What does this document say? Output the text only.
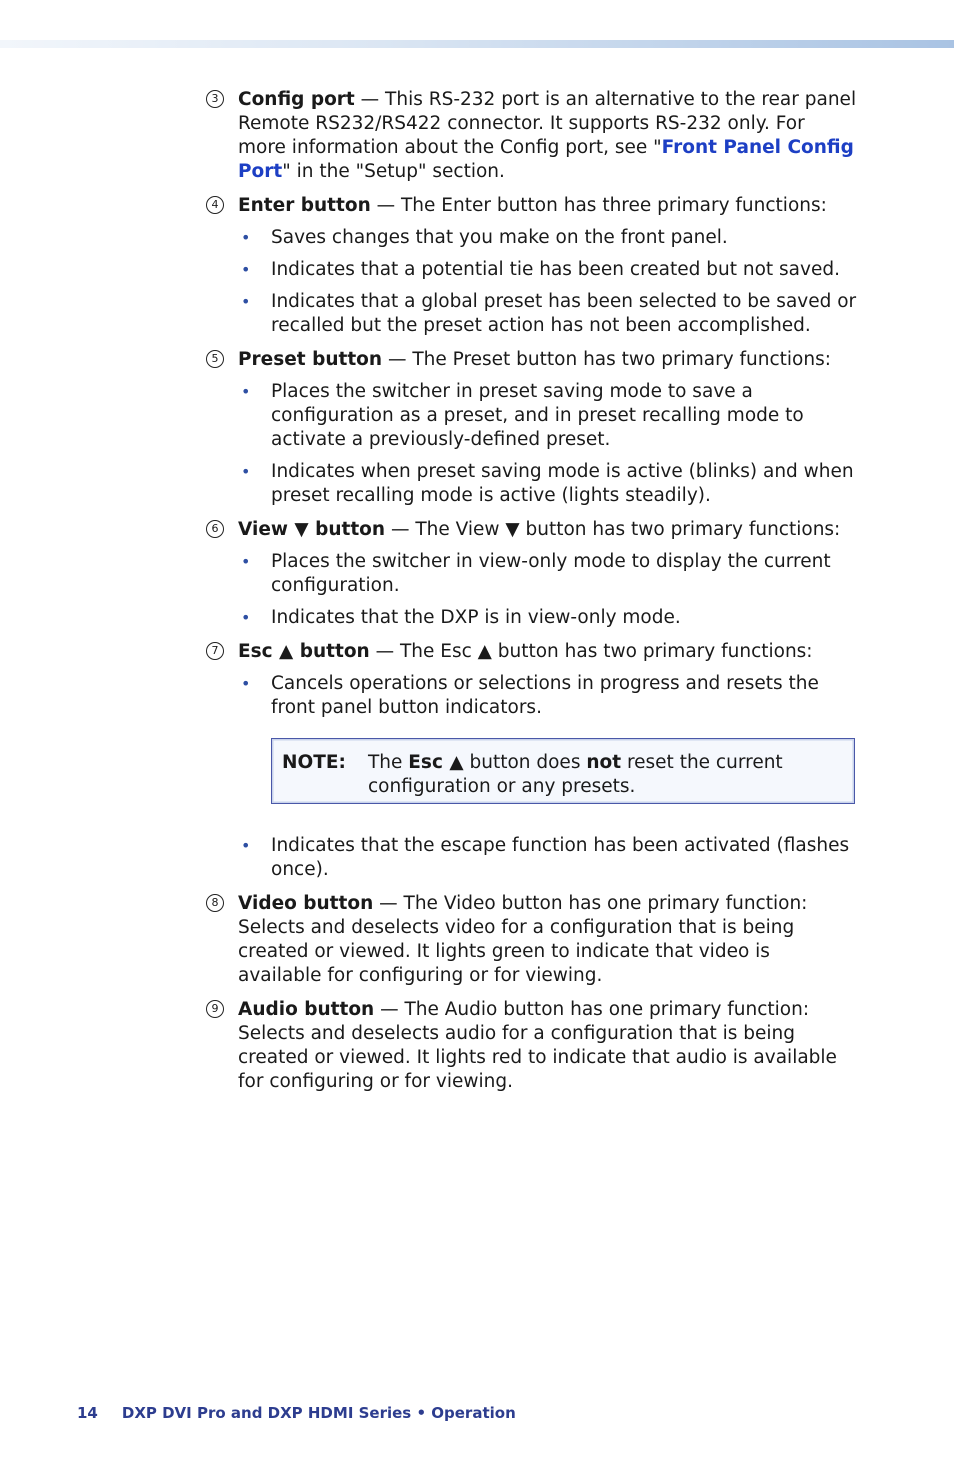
3 Config port — This RS-232 port is an alternative to the rear panel Remote RS232/RS422 connector. It supports RS-232 only. For more information about the Config port, see "Front Panel Config Port" in the "Setup" section.

4 Enter button — The Enter button has three primary functions:

• Saves changes that you make on the front panel.
• Indicates that a potential tie has been created but not saved.
• Indicates that a global preset has been selected to be saved or recalled but the preset action has not been accomplished.
5 Preset button — The Preset button has two primary functions:

• Places the switcher in preset saving mode to save a configuration as a preset, and in preset recalling mode to activate a previously-defined preset.
• Indicates when preset saving mode is active (blinks) and when preset recalling mode is active (lights steadily).
6 View ▼ button — The View ▼ button has two primary functions:

• Places the switcher in view-only mode to display the current configuration.
• Indicates that the DXP is in view-only mode.
7 Esc ▲ button — The Esc ▲ button has two primary functions:

• Cancels operations or selections in progress and resets the front panel button indicators.
NOTE:	The Esc ▲ button does not reset the current configuration or any presets.
• Indicates that the escape function has been activated (flashes once).
8 Video button — The Video button has one primary function:

Selects and deselects video for a configuration that is being created or viewed. It lights green to indicate that video is available for configuring or for viewing.

9 Audio button — The Audio button has one primary function:

Selects and deselects audio for a configuration that is being created or viewed. It lights red to indicate that audio is available for configuring or for viewing.

14 DXP DVI Pro and DXP HDMI Series • Operation
